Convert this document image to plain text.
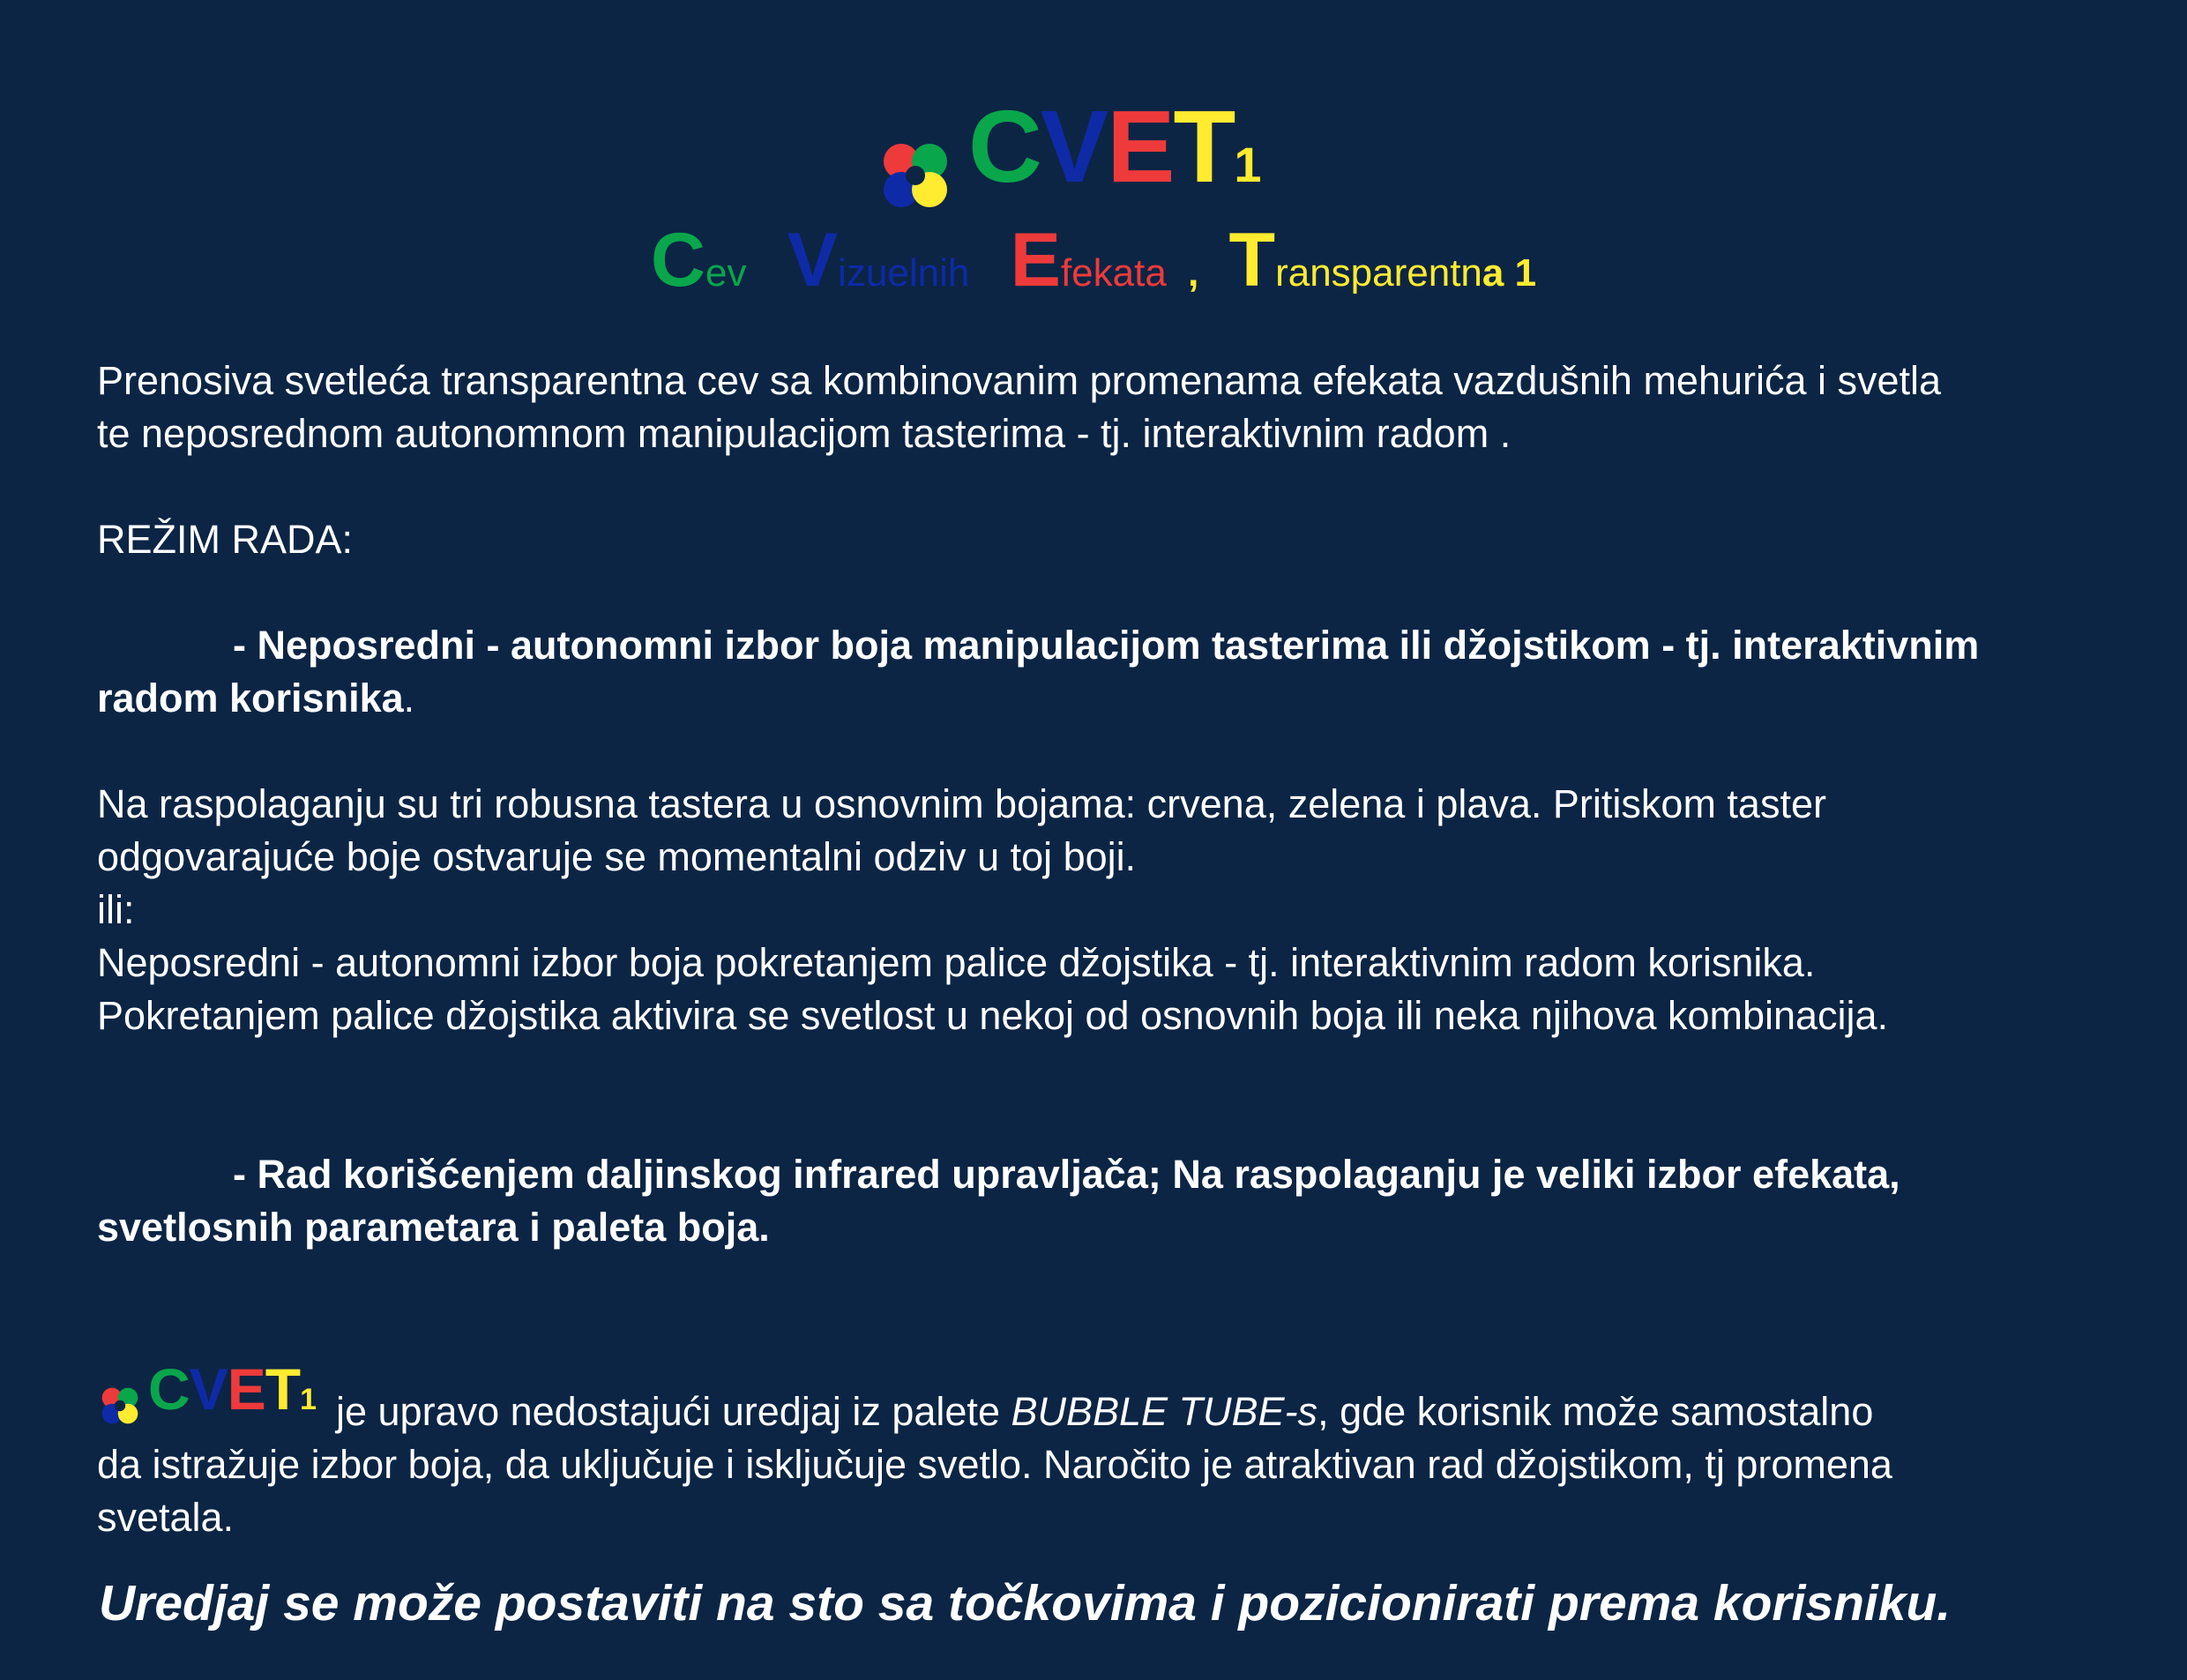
CVET1
Cev Vizuelnih Efekata , Transparentna 1

Prenosiva svetleća transparentna cev sa kombinovanim promenama efekata vazdušnih mehurića i svetla
te neposrednom autonomnom manipulacijom tasterima - tj. interaktivnim radom .

REŽIM RADA:

- Neposredni - autonomni izbor boja manipulacijom tasterima ili džojstikom - tj. interaktivnim
radom korisnika.

Na raspolaganju su tri robusna tastera u osnovnim bojama: crvena, zelena i plava. Pritiskom taster
odgovarajuće boje ostvaruje se momentalni odziv u toj boji.
ili:
Neposredni - autonomni izbor boja pokretanjem palice džojstika - tj. interaktivnim radom korisnika.
Pokretanjem palice džojstika aktivira se svetlost u nekoj od osnovnih boja ili neka njihova kombinacija.

- Rad korišćenjem daljinskog infrared upravljača; Na raspolaganju je veliki izbor efekata,
svetlosnih parametara i paleta boja.

CVET1 je upravo nedostajući uredjaj iz palete BUBBLE TUBE-s, gde korisnik može samostalno
da istražuje izbor boja, da uključuje i isključuje svetlo. Naročito je atraktivan rad džojstikom, tj promena
svetala.

Uredjaj se može postaviti na sto sa točkovima i pozicionirati prema korisniku.
